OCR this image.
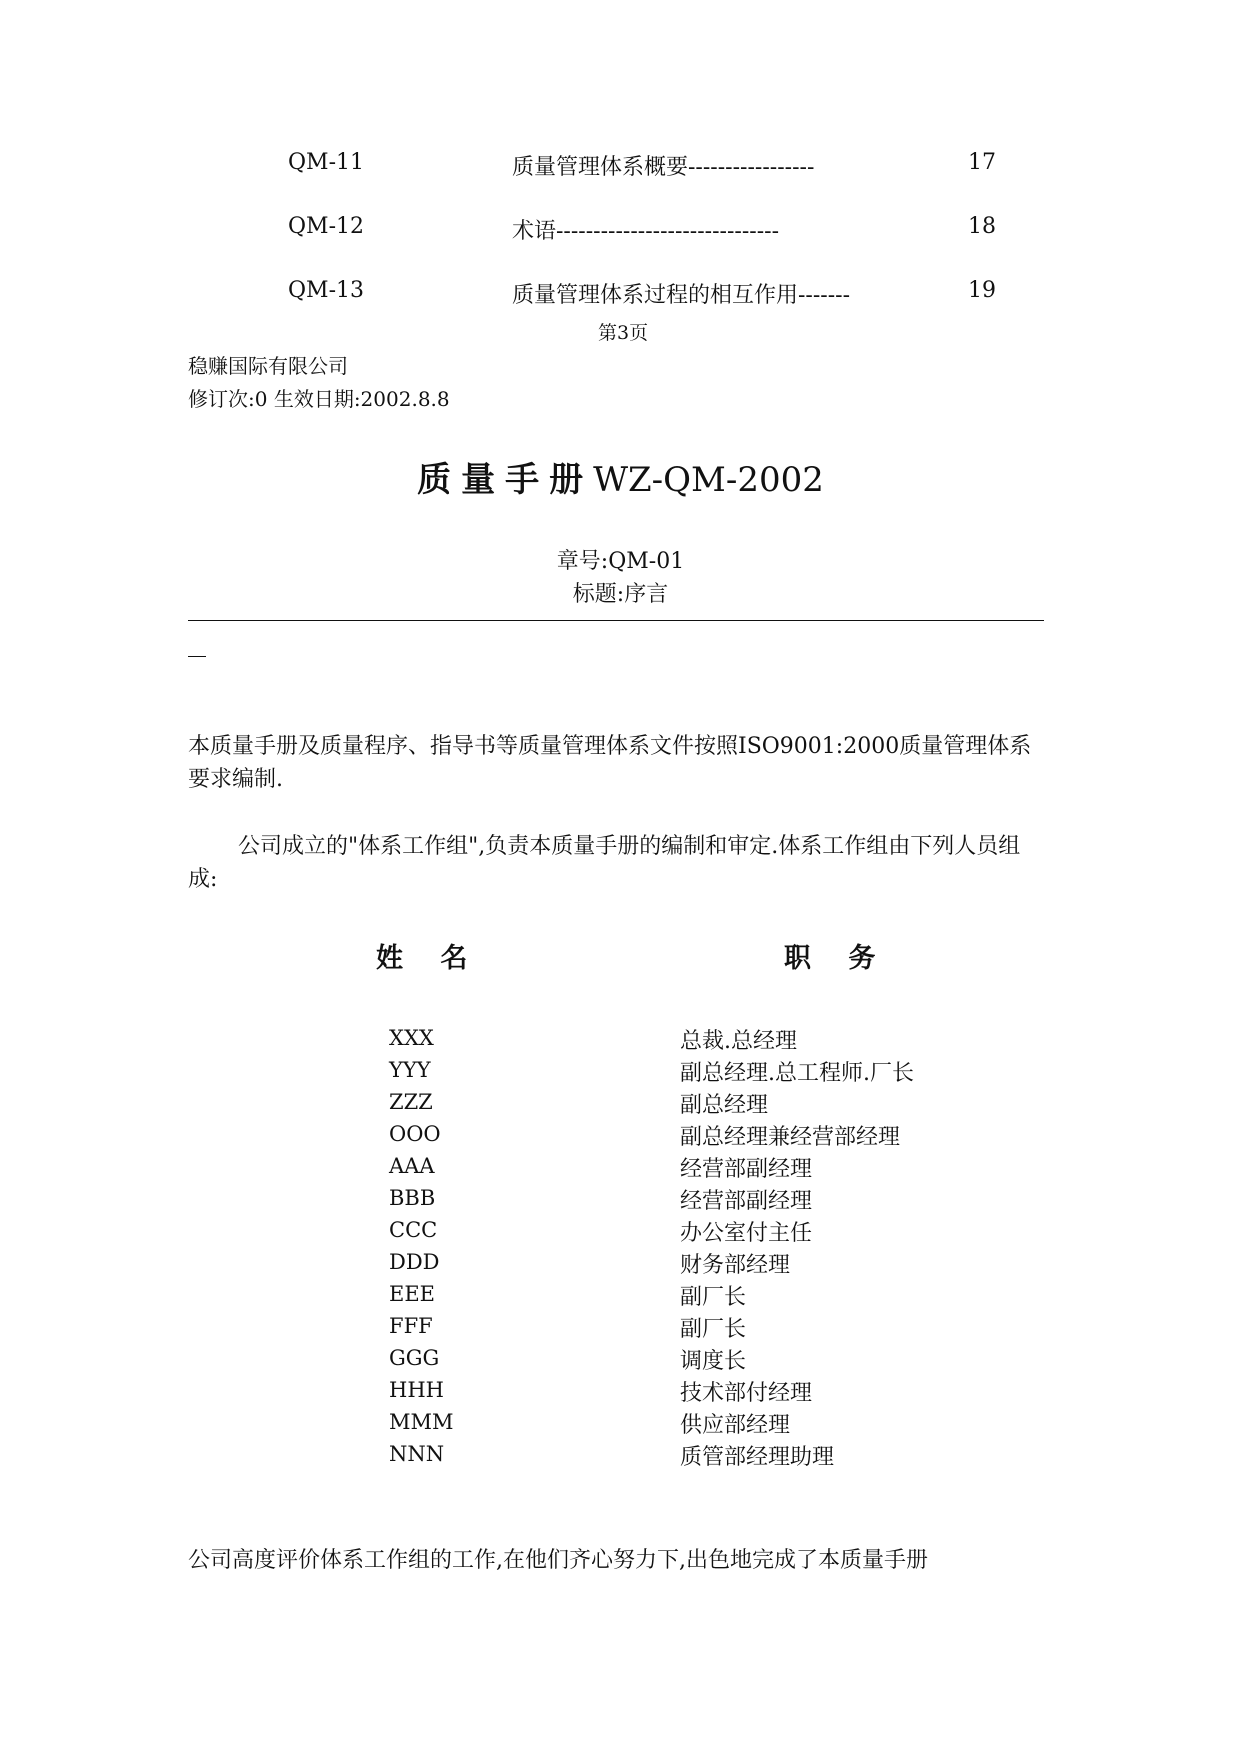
QM-11	质量管理体系概要-----------------	17
QM-12	术语------------------------------	18
QM-13	质量管理体系过程的相互作用-------	19
第3页
稳赚国际有限公司
修订次:0 生效日期:2002.8.8
质量手册WZ-QM-2002
章号:QM-01
标题:序言
本质量手册及质量程序、指导书等质量管理体系文件按照ISO9001:2000质量管理体系要求编制.
公司成立的"体系工作组",负责本质量手册的编制和审定.体系工作组由下列人员组成:
姓 名	职 务
XXX	总裁.总经理
YYY	副总经理.总工程师.厂长
ZZZ	副总经理
OOO	副总经理兼经营部经理
AAA	经营部副经理
BBB	经营部副经理
CCC	办公室付主任
DDD	财务部经理
EEE	副厂长
FFF	副厂长
GGG	调度长
HHH	技术部付经理
MMM	供应部经理
NNN	质管部经理助理
公司高度评价体系工作组的工作,在他们齐心努力下,出色地完成了本质量手册
